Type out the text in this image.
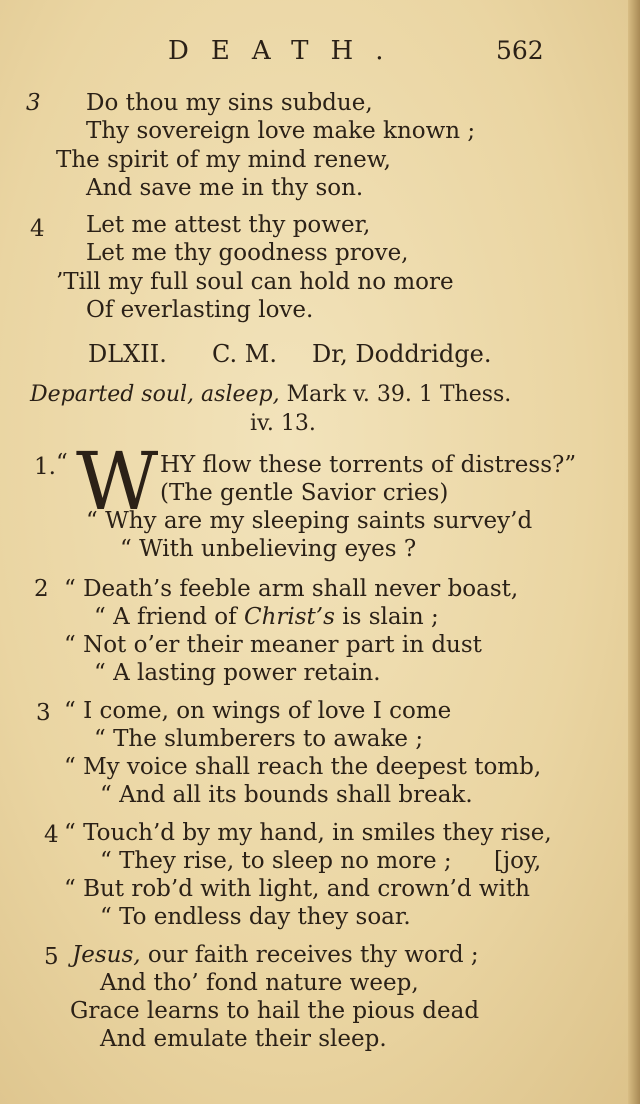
DEATH.	562
3 Do thou my sins subdue,
Thy sovereign love make known ;
The spirit of my mind renew,
And save me in thy son.
4 Let me attest thy power,
Let me thy goodness prove,
’Till my full soul can hold no more
Of everlasting love.
DLXII. C. M. Dr, Doddridge.
Departed soul, asleep, Mark v. 39. 1 Thess.
iv. 13.
1. “ W HY flow these torrents of distress?”
(The gentle Savior cries)
“ Why are my sleeping saints survey’d
“ With unbelieving eyes ?
2 “ Death’s feeble arm shall never boast,
“ A friend of Christ’s is slain ;
“ Not o’er their meaner part in dust
“ A lasting power retain.
3 “ I come, on wings of love I come
“ The slumberers to awake ;
“ My voice shall reach the deepest tomb,
“ And all its bounds shall break.
4 “ Touch’d by my hand, in smiles they rise,
“ They rise, to sleep no more ; [joy,
“ But rob’d with light, and crown’d with
“ To endless day they soar.
5 Jesus, our faith receives thy word ;
And tho’ fond nature weep,
Grace learns to hail the pious dead
And emulate their sleep.
